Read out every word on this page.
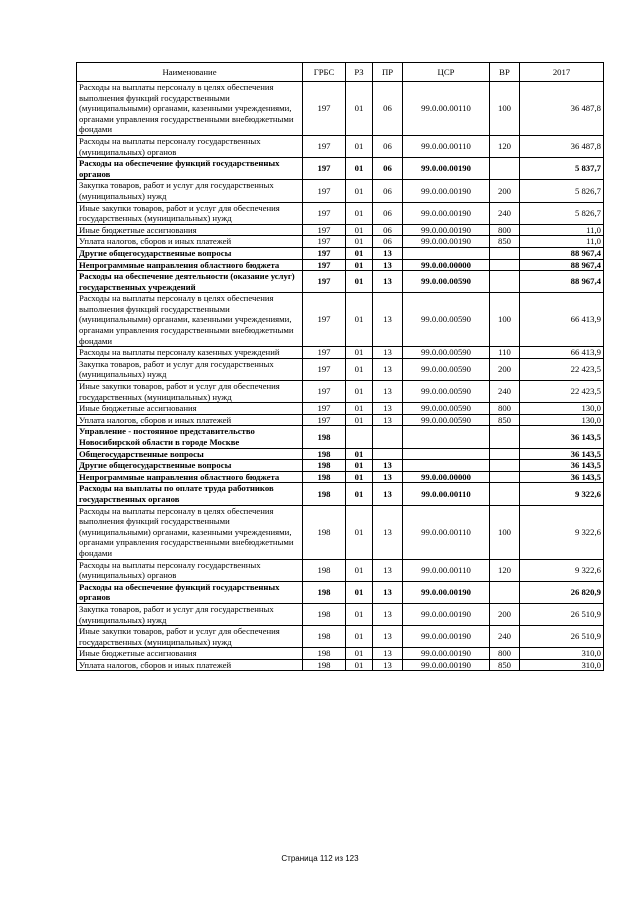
Наименование	ГРБС	РЗ	ПР	ЦСР	ВР	2017
Расходы на выплаты персоналу в целях обеспечения выполнения функций государственными (муниципальными) органами, казенными учреждениями, органами управления государственными внебюджетными фондами	197	01	06	99.0.00.00110	100	36 487,8
Расходы на выплаты персоналу государственных (муниципальных) органов	197	01	06	99.0.00.00110	120	36 487,8
Расходы на обеспечение функций государственных органов	197	01	06	99.0.00.00190		5 837,7
Закупка товаров, работ и услуг для государственных (муниципальных) нужд	197	01	06	99.0.00.00190	200	5 826,7
Иные закупки товаров, работ и услуг для обеспечения государственных (муниципальных) нужд	197	01	06	99.0.00.00190	240	5 826,7
Иные бюджетные ассигнования	197	01	06	99.0.00.00190	800	11,0
Уплата налогов, сборов и иных платежей	197	01	06	99.0.00.00190	850	11,0
Другие общегосударственные вопросы	197	01	13			88 967,4
Непрограммные направления областного бюджета	197	01	13	99.0.00.00000		88 967,4
Расходы на обеспечение деятельности (оказание услуг) государственных учреждений	197	01	13	99.0.00.00590		88 967,4
Расходы на выплаты персоналу в целях обеспечения выполнения функций государственными (муниципальными) органами, казенными учреждениями, органами управления государственными внебюджетными фондами	197	01	13	99.0.00.00590	100	66 413,9
Расходы на выплаты персоналу казенных учреждений	197	01	13	99.0.00.00590	110	66 413,9
Закупка товаров, работ и услуг для государственных (муниципальных) нужд	197	01	13	99.0.00.00590	200	22 423,5
Иные закупки товаров, работ и услуг для обеспечения государственных (муниципальных) нужд	197	01	13	99.0.00.00590	240	22 423,5
Иные бюджетные ассигнования	197	01	13	99.0.00.00590	800	130,0
Уплата налогов, сборов и иных платежей	197	01	13	99.0.00.00590	850	130,0
Управление - постоянное представительство Новосибирской области в городе Москве	198					36 143,5
Общегосударственные вопросы	198	01				36 143,5
Другие общегосударственные вопросы	198	01	13			36 143,5
Непрограммные направления областного бюджета	198	01	13	99.0.00.00000		36 143,5
Расходы на выплаты по оплате труда работников государственных органов	198	01	13	99.0.00.00110		9 322,6
Расходы на выплаты персоналу в целях обеспечения выполнения функций государственными (муниципальными) органами, казенными учреждениями, органами управления государственными внебюджетными фондами	198	01	13	99.0.00.00110	100	9 322,6
Расходы на выплаты персоналу государственных (муниципальных) органов	198	01	13	99.0.00.00110	120	9 322,6
Расходы на обеспечение функций государственных органов	198	01	13	99.0.00.00190		26 820,9
Закупка товаров, работ и услуг для государственных (муниципальных) нужд	198	01	13	99.0.00.00190	200	26 510,9
Иные закупки товаров, работ и услуг для обеспечения государственных (муниципальных) нужд	198	01	13	99.0.00.00190	240	26 510,9
Иные бюджетные ассигнования	198	01	13	99.0.00.00190	800	310,0
Уплата налогов, сборов и иных платежей	198	01	13	99.0.00.00190	850	310,0
Страница 112 из 123
